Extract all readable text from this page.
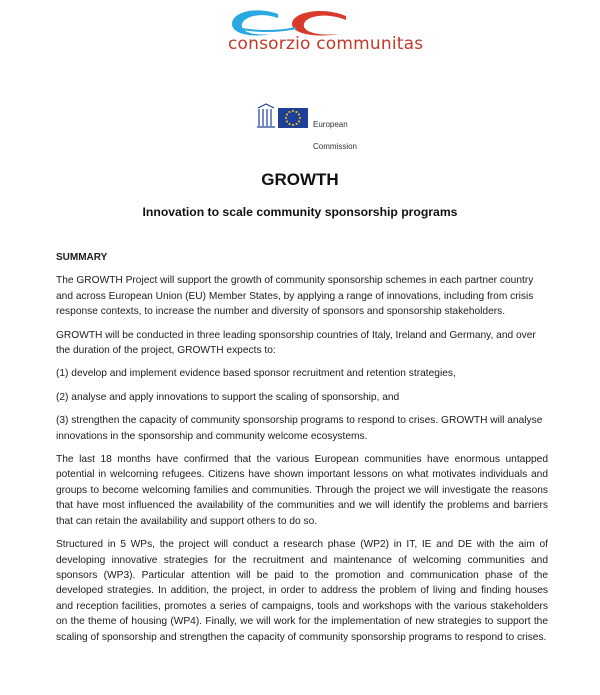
consorzio communitas

European

Commission

GROWTH
Innovation to scale community sponsorship programs
SUMMARY

The GROWTH Project will support the growth of community sponsorship schemes in each partner country and across European Union (EU) Member States, by applying a range of innovations, including from crisis response contexts, to increase the number and diversity of sponsors and sponsorship stakeholders.

GROWTH will be conducted in three leading sponsorship countries of Italy, Ireland and Germany, and over the duration of the project, GROWTH expects to:

(1) develop and implement evidence based sponsor recruitment and retention strategies,

(2) analyse and apply innovations to support the scaling of sponsorship, and

(3) strengthen the capacity of community sponsorship programs to respond to crises. GROWTH will analyse innovations in the sponsorship and community welcome ecosystems.

The last 18 months have confirmed that the various European communities have enormous untapped potential in welcoming refugees. Citizens have shown important lessons on what motivates individuals and groups to become welcoming families and communities. Through the project we will investigate the reasons that have most influenced the availability of the communities and we will identify the problems and barriers that can retain the availability and support others to do so.

Structured in 5 WPs, the project will conduct a research phase (WP2) in IT, IE and DE with the aim of developing innovative strategies for the recruitment and maintenance of welcoming communities and sponsors (WP3). Particular attention will be paid to the promotion and communication phase of the developed strategies. In addition, the project, in order to address the problem of living and finding houses and reception facilities, promotes a series of campaigns, tools and workshops with the various stakeholders on the theme of housing (WP4). Finally, we will work for the implementation of new strategies to support the scaling of sponsorship and strengthen the capacity of community sponsorship programs to respond to crises.
